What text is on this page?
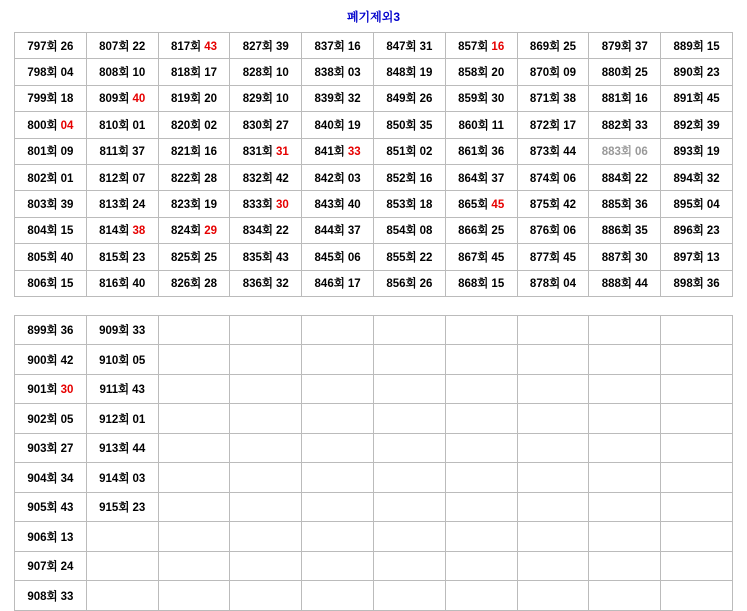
폐기제외3
797회 26	807회 22	817회 43	827회 39	837회 16	847회 31	857회 16	869회 25	879회 37	889회 15
798회 04	808회 10	818회 17	828회 10	838회 03	848회 19	858회 20	870회 09	880회 25	890회 23
799회 18	809회 40	819회 20	829회 10	839회 32	849회 26	859회 30	871회 38	881회 16	891회 45
800회 04	810회 01	820회 02	830회 27	840회 19	850회 35	860회 11	872회 17	882회 33	892회 39
801회 09	811회 37	821회 16	831회 31	841회 33	851회 02	861회 36	873회 44	883회 06	893회 19
802회 01	812회 07	822회 28	832회 42	842회 03	852회 16	864회 37	874회 06	884회 22	894회 32
803회 39	813회 24	823회 19	833회 30	843회 40	853회 18	865회 45	875회 42	885회 36	895회 04
804회 15	814회 38	824회 29	834회 22	844회 37	854회 08	866회 25	876회 06	886회 35	896회 23
805회 40	815회 23	825회 25	835회 43	845회 06	855회 22	867회 45	877회 45	887회 30	897회 13
806회 15	816회 40	826회 28	836회 32	846회 17	856회 26	868회 15	878회 04	888회 44	898회 36
899회 36	909회 33								
900회 42	910회 05								
901회 30	911회 43								
902회 05	912회 01								
903회 27	913회 44								
904회 34	914회 03								
905회 43	915회 23								
906회 13									
907회 24									
908회 33									
